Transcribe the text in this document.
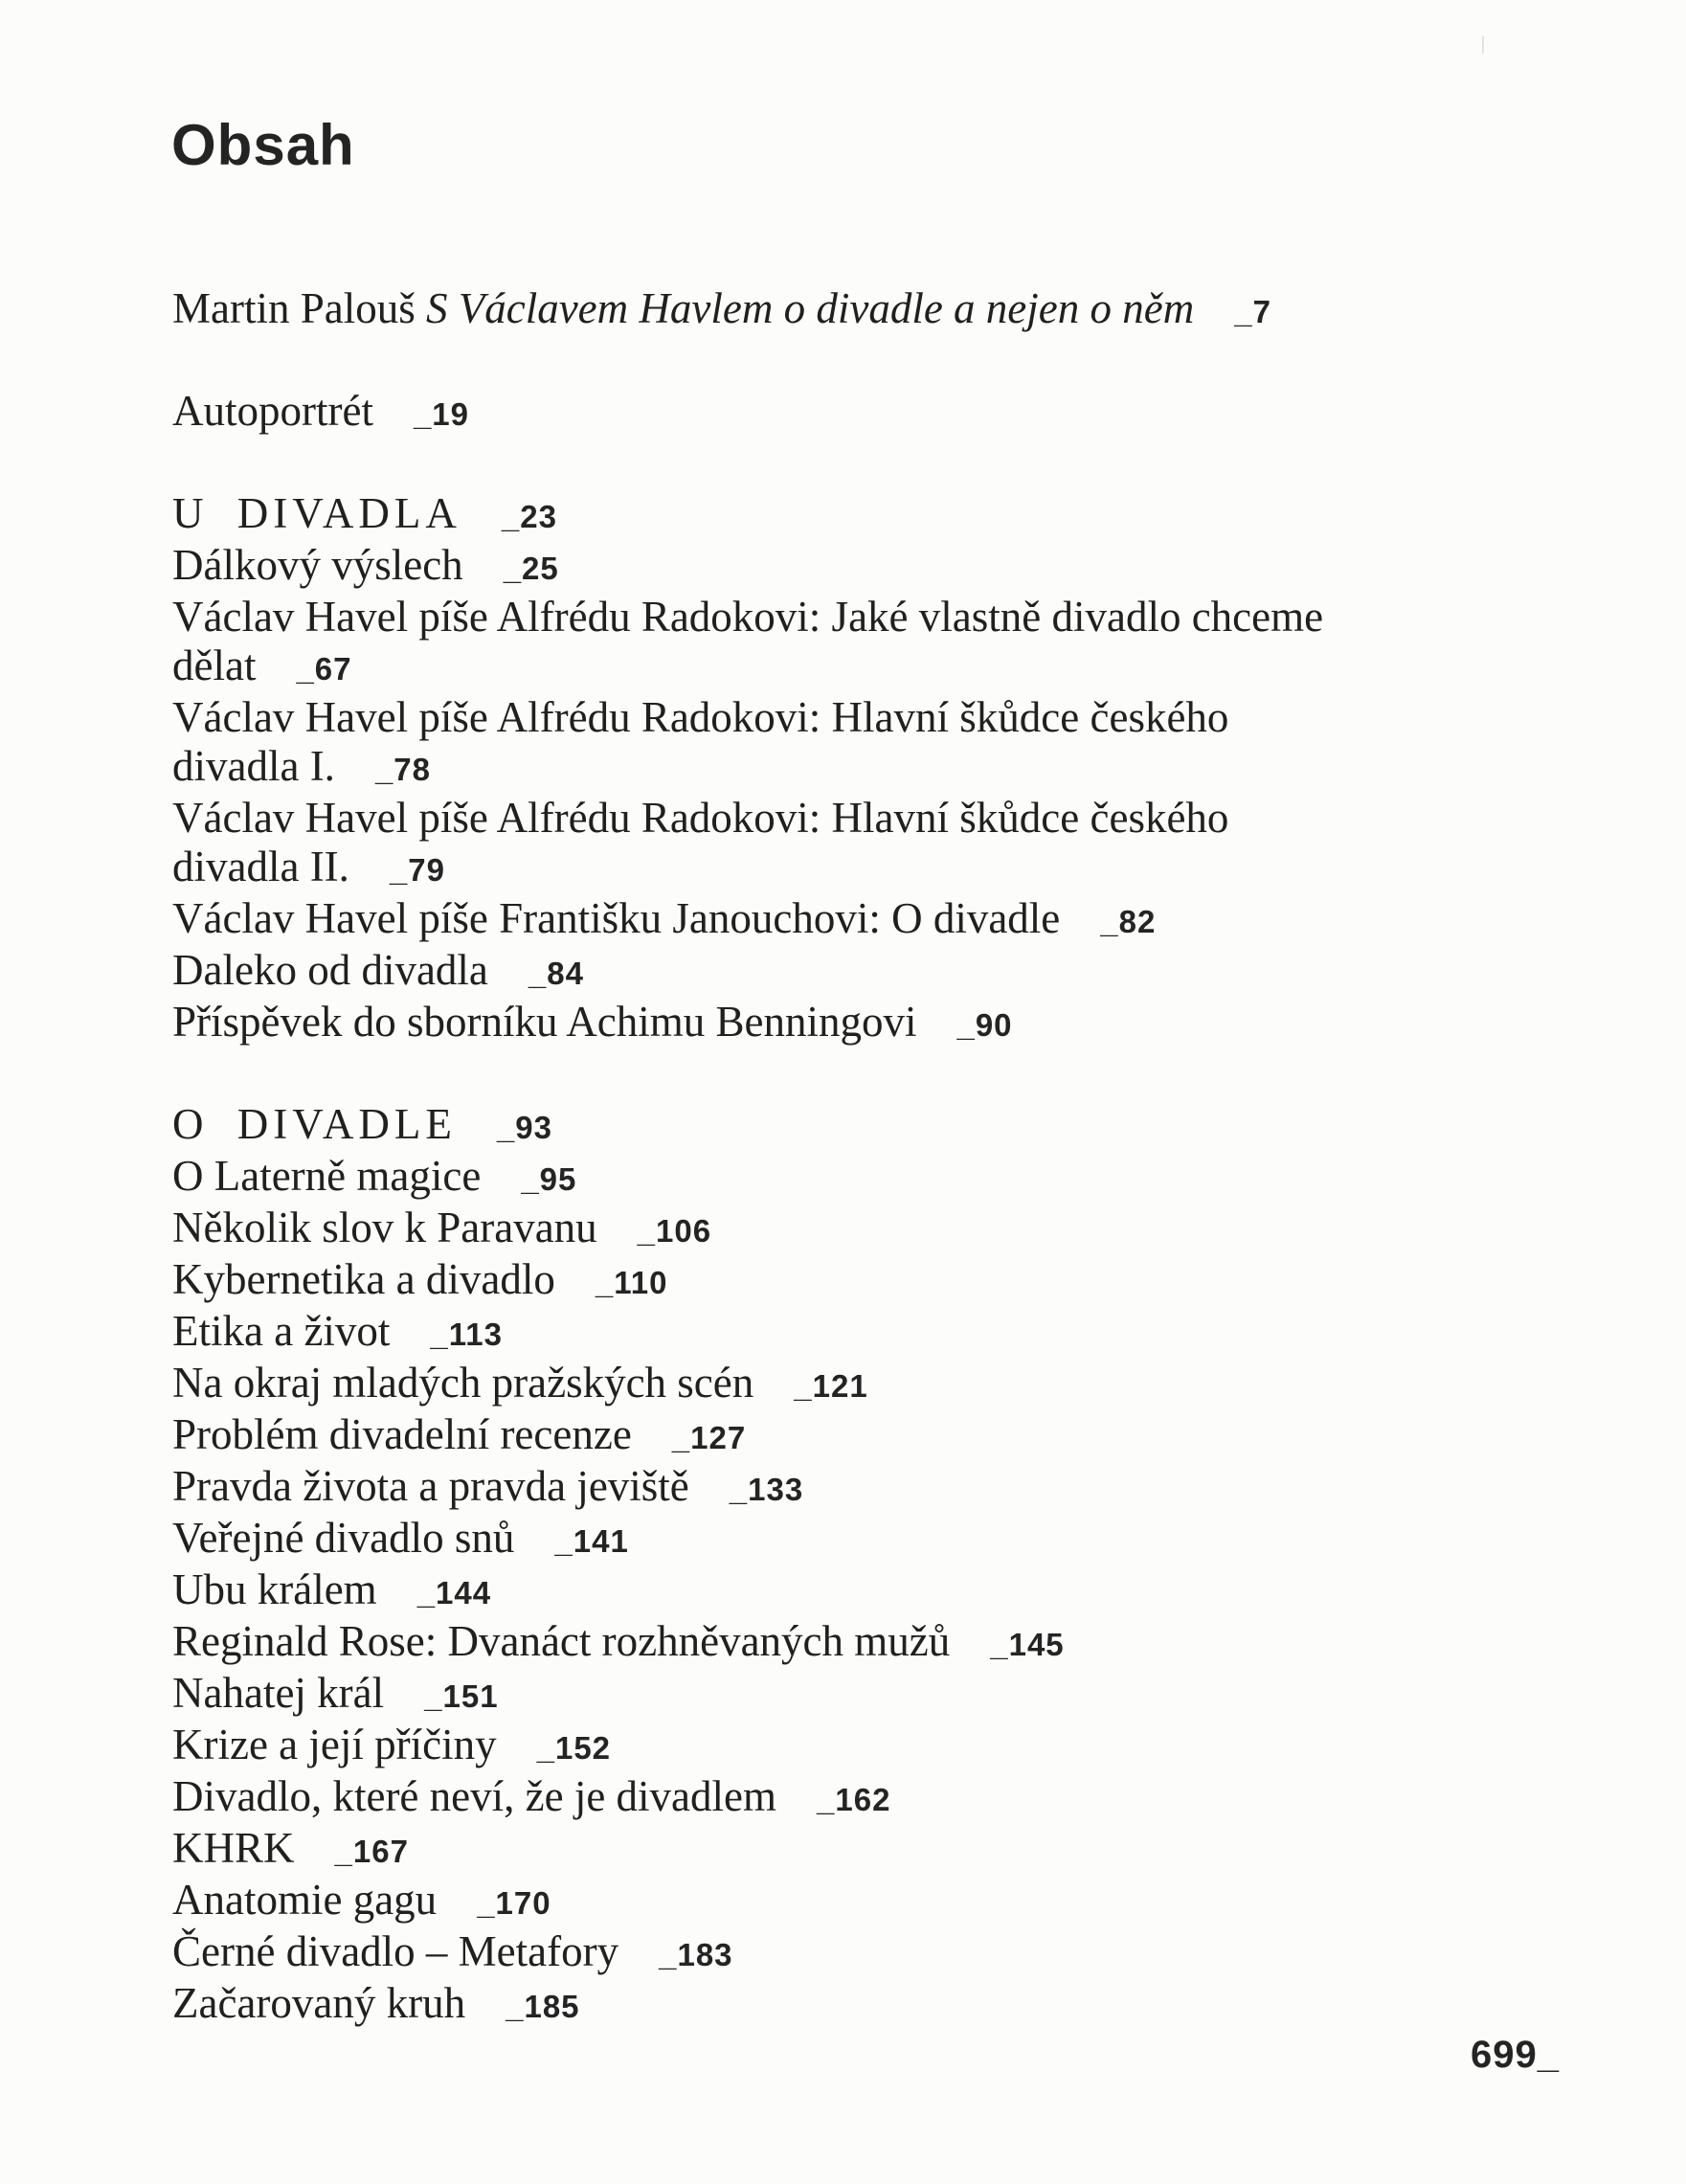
Obsah
Martin Palouš S Václavem Havlem o divadle a nejen o něm _7
Autoportrét _19
U DIVADLA _23
Dálkový výslech _25
Václav Havel píše Alfrédu Radokovi: Jaké vlastně divadlo chceme
dělat _67
Václav Havel píše Alfrédu Radokovi: Hlavní škůdce českého
divadla I. _78
Václav Havel píše Alfrédu Radokovi: Hlavní škůdce českého
divadla II. _79
Václav Havel píše Františku Janouchovi: O divadle _82
Daleko od divadla _84
Příspěvek do sborníku Achimu Benningovi _90
O DIVADLE _93
O Laterně magice _95
Několik slov k Paravanu _106
Kybernetika a divadlo _110
Etika a život _113
Na okraj mladých pražských scén _121
Problém divadelní recenze _127
Pravda života a pravda jeviště _133
Veřejné divadlo snů _141
Ubu králem _144
Reginald Rose: Dvanáct rozhněvaných mužů _145
Nahatej král _151
Krize a její příčiny _152
Divadlo, které neví, že je divadlem _162
KHRK _167
Anatomie gagu _170
Černé divadlo – Metafory _183
Začarovaný kruh _185
699_
